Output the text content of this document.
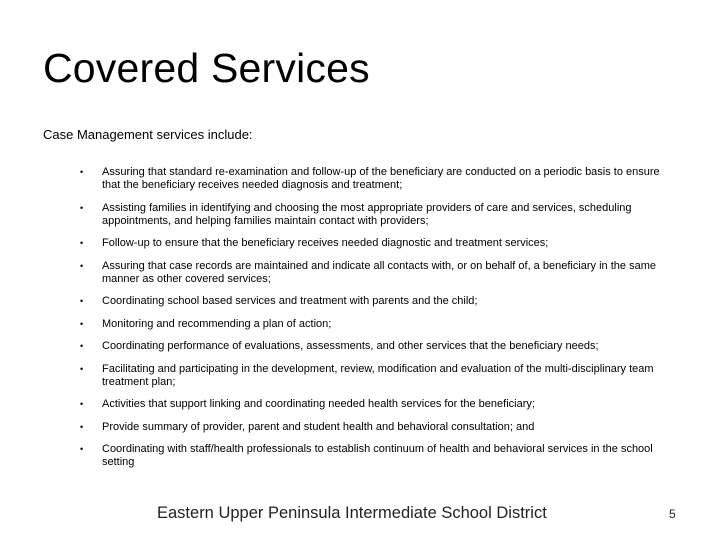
Covered Services

Case Management services include:

• Assuring that standard re-examination and follow-up of the beneficiary are conducted on a periodic basis to ensure that the beneficiary receives needed diagnosis and treatment;
• Assisting families in identifying and choosing the most appropriate providers of care and services, scheduling appointments, and helping families maintain contact with providers;
• Follow-up to ensure that the beneficiary receives needed diagnostic and treatment services;
• Assuring that case records are maintained and indicate all contacts with, or on behalf of, a beneficiary in the same manner as other covered services;
• Coordinating school based services and treatment with parents and the child;
• Monitoring and recommending a plan of action;
• Coordinating performance of evaluations, assessments, and other services that the beneficiary needs;
• Facilitating and participating in the development, review, modification and evaluation of the multi-disciplinary team treatment plan;
• Activities that support linking and coordinating needed health services for the beneficiary;
• Provide summary of provider, parent and student health and behavioral consultation; and
• Coordinating with staff/health professionals to establish continuum of health and behavioral services in the school setting

Eastern Upper Peninsula Intermediate School District	5
